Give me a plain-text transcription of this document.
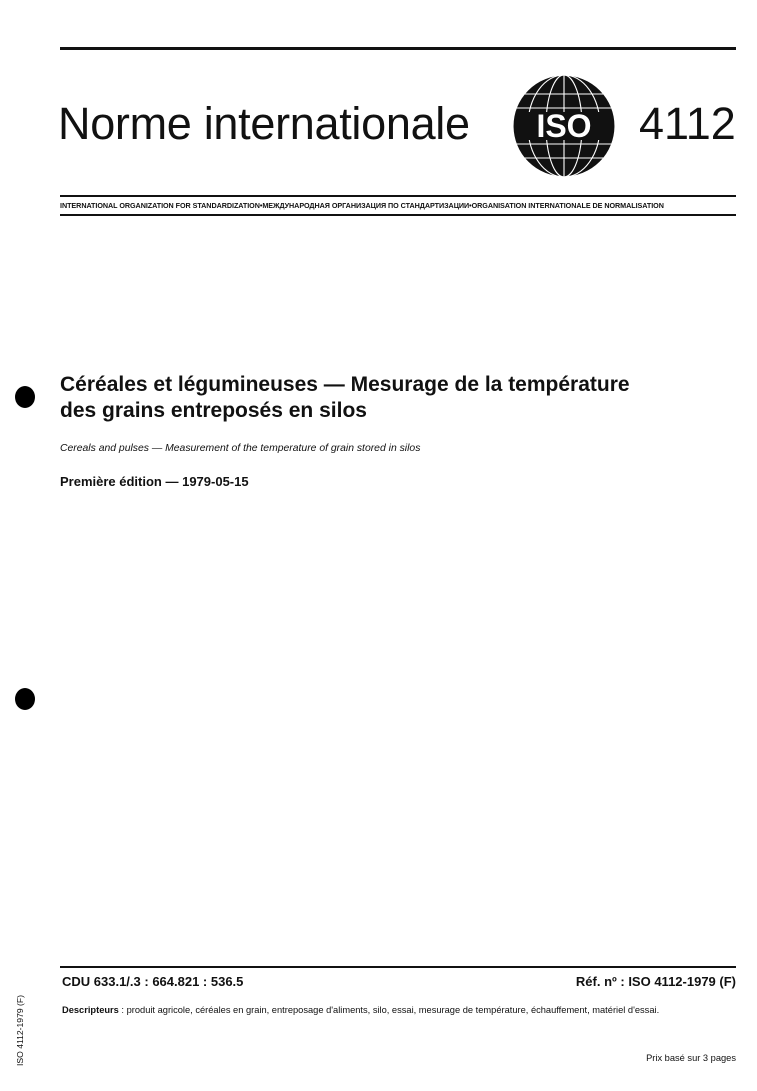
Norme internationale ISO 4112
INTERNATIONAL ORGANIZATION FOR STANDARDIZATION•МЕЖДУНАРОДНАЯ ОРГАНИЗАЦИЯ ПО СТАНДАРТИЗАЦИИ•ORGANISATION INTERNATIONALE DE NORMALISATION
Céréales et légumineuses — Mesurage de la température
des grains entreposés en silos
Cereals and pulses — Measurement of the temperature of grain stored in silos
Première édition — 1979-05-15
CDU 633.1/.3 : 664.821 : 536.5	Réf. nº : ISO 4112-1979 (F)
Descripteurs : produit agricole, céréales en grain, entreposage d'aliments, silo, essai, mesurage de température, échauffement, matériel d'essai.
Prix basé sur 3 pages
ISO 4112-1979 (F)
